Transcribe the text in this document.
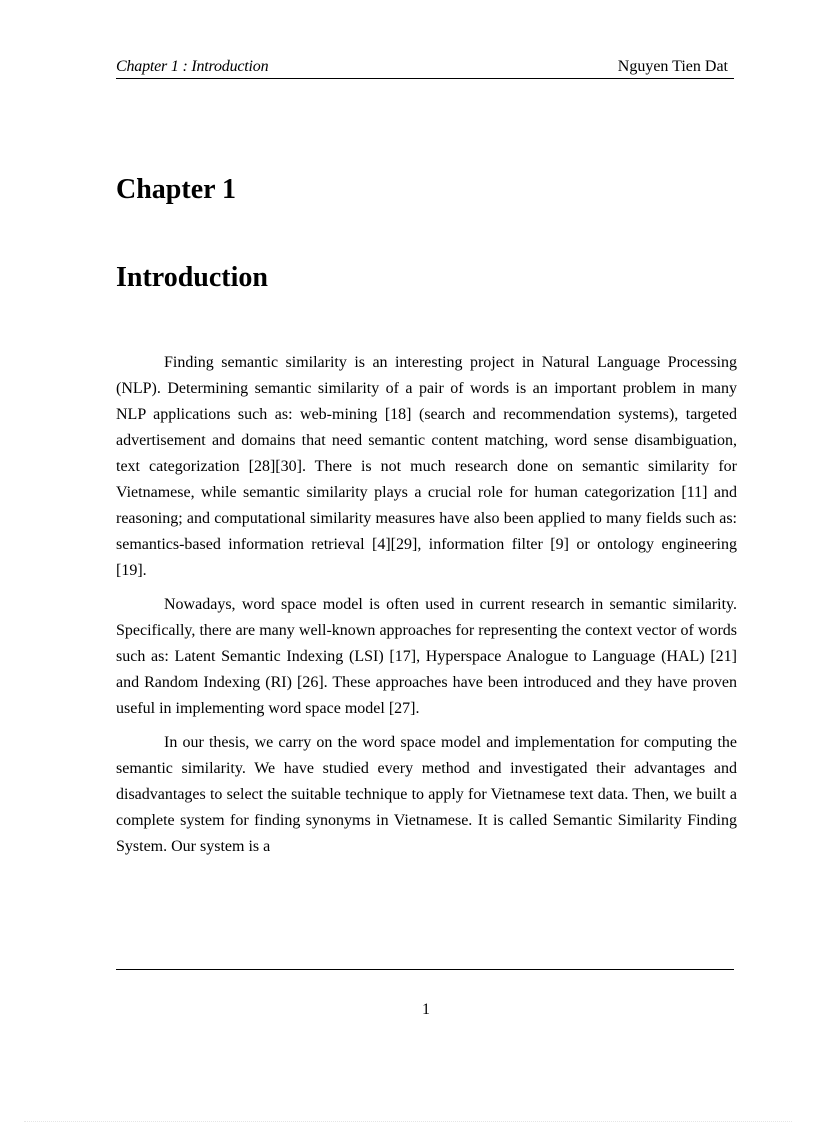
Chapter 1 : Introduction	Nguyen Tien Dat
Chapter 1
Introduction

Finding semantic similarity is an interesting project in Natural Language Processing (NLP). Determining semantic similarity of a pair of words is an important problem in many NLP applications such as: web-mining [18] (search and recommendation systems), targeted advertisement and domains that need semantic content matching, word sense disambiguation, text categorization [28][30]. There is not much research done on semantic similarity for Vietnamese, while semantic similarity plays a crucial role for human categorization [11] and reasoning; and computational similarity measures have also been applied to many fields such as: semantics-based information retrieval [4][29], information filter [9] or ontology engineering [19].

Nowadays, word space model is often used in current research in semantic similarity. Specifically, there are many well-known approaches for representing the context vector of words such as: Latent Semantic Indexing (LSI) [17], Hyperspace Analogue to Language (HAL) [21] and Random Indexing (RI) [26]. These approaches have been introduced and they have proven useful in implementing word space model [27].

In our thesis, we carry on the word space model and implementation for computing the semantic similarity. We have studied every method and investigated their advantages and disadvantages to select the suitable technique to apply for Vietnamese text data. Then, we built a complete system for finding synonyms in Vietnamese. It is called Semantic Similarity Finding System. Our system is a

1
